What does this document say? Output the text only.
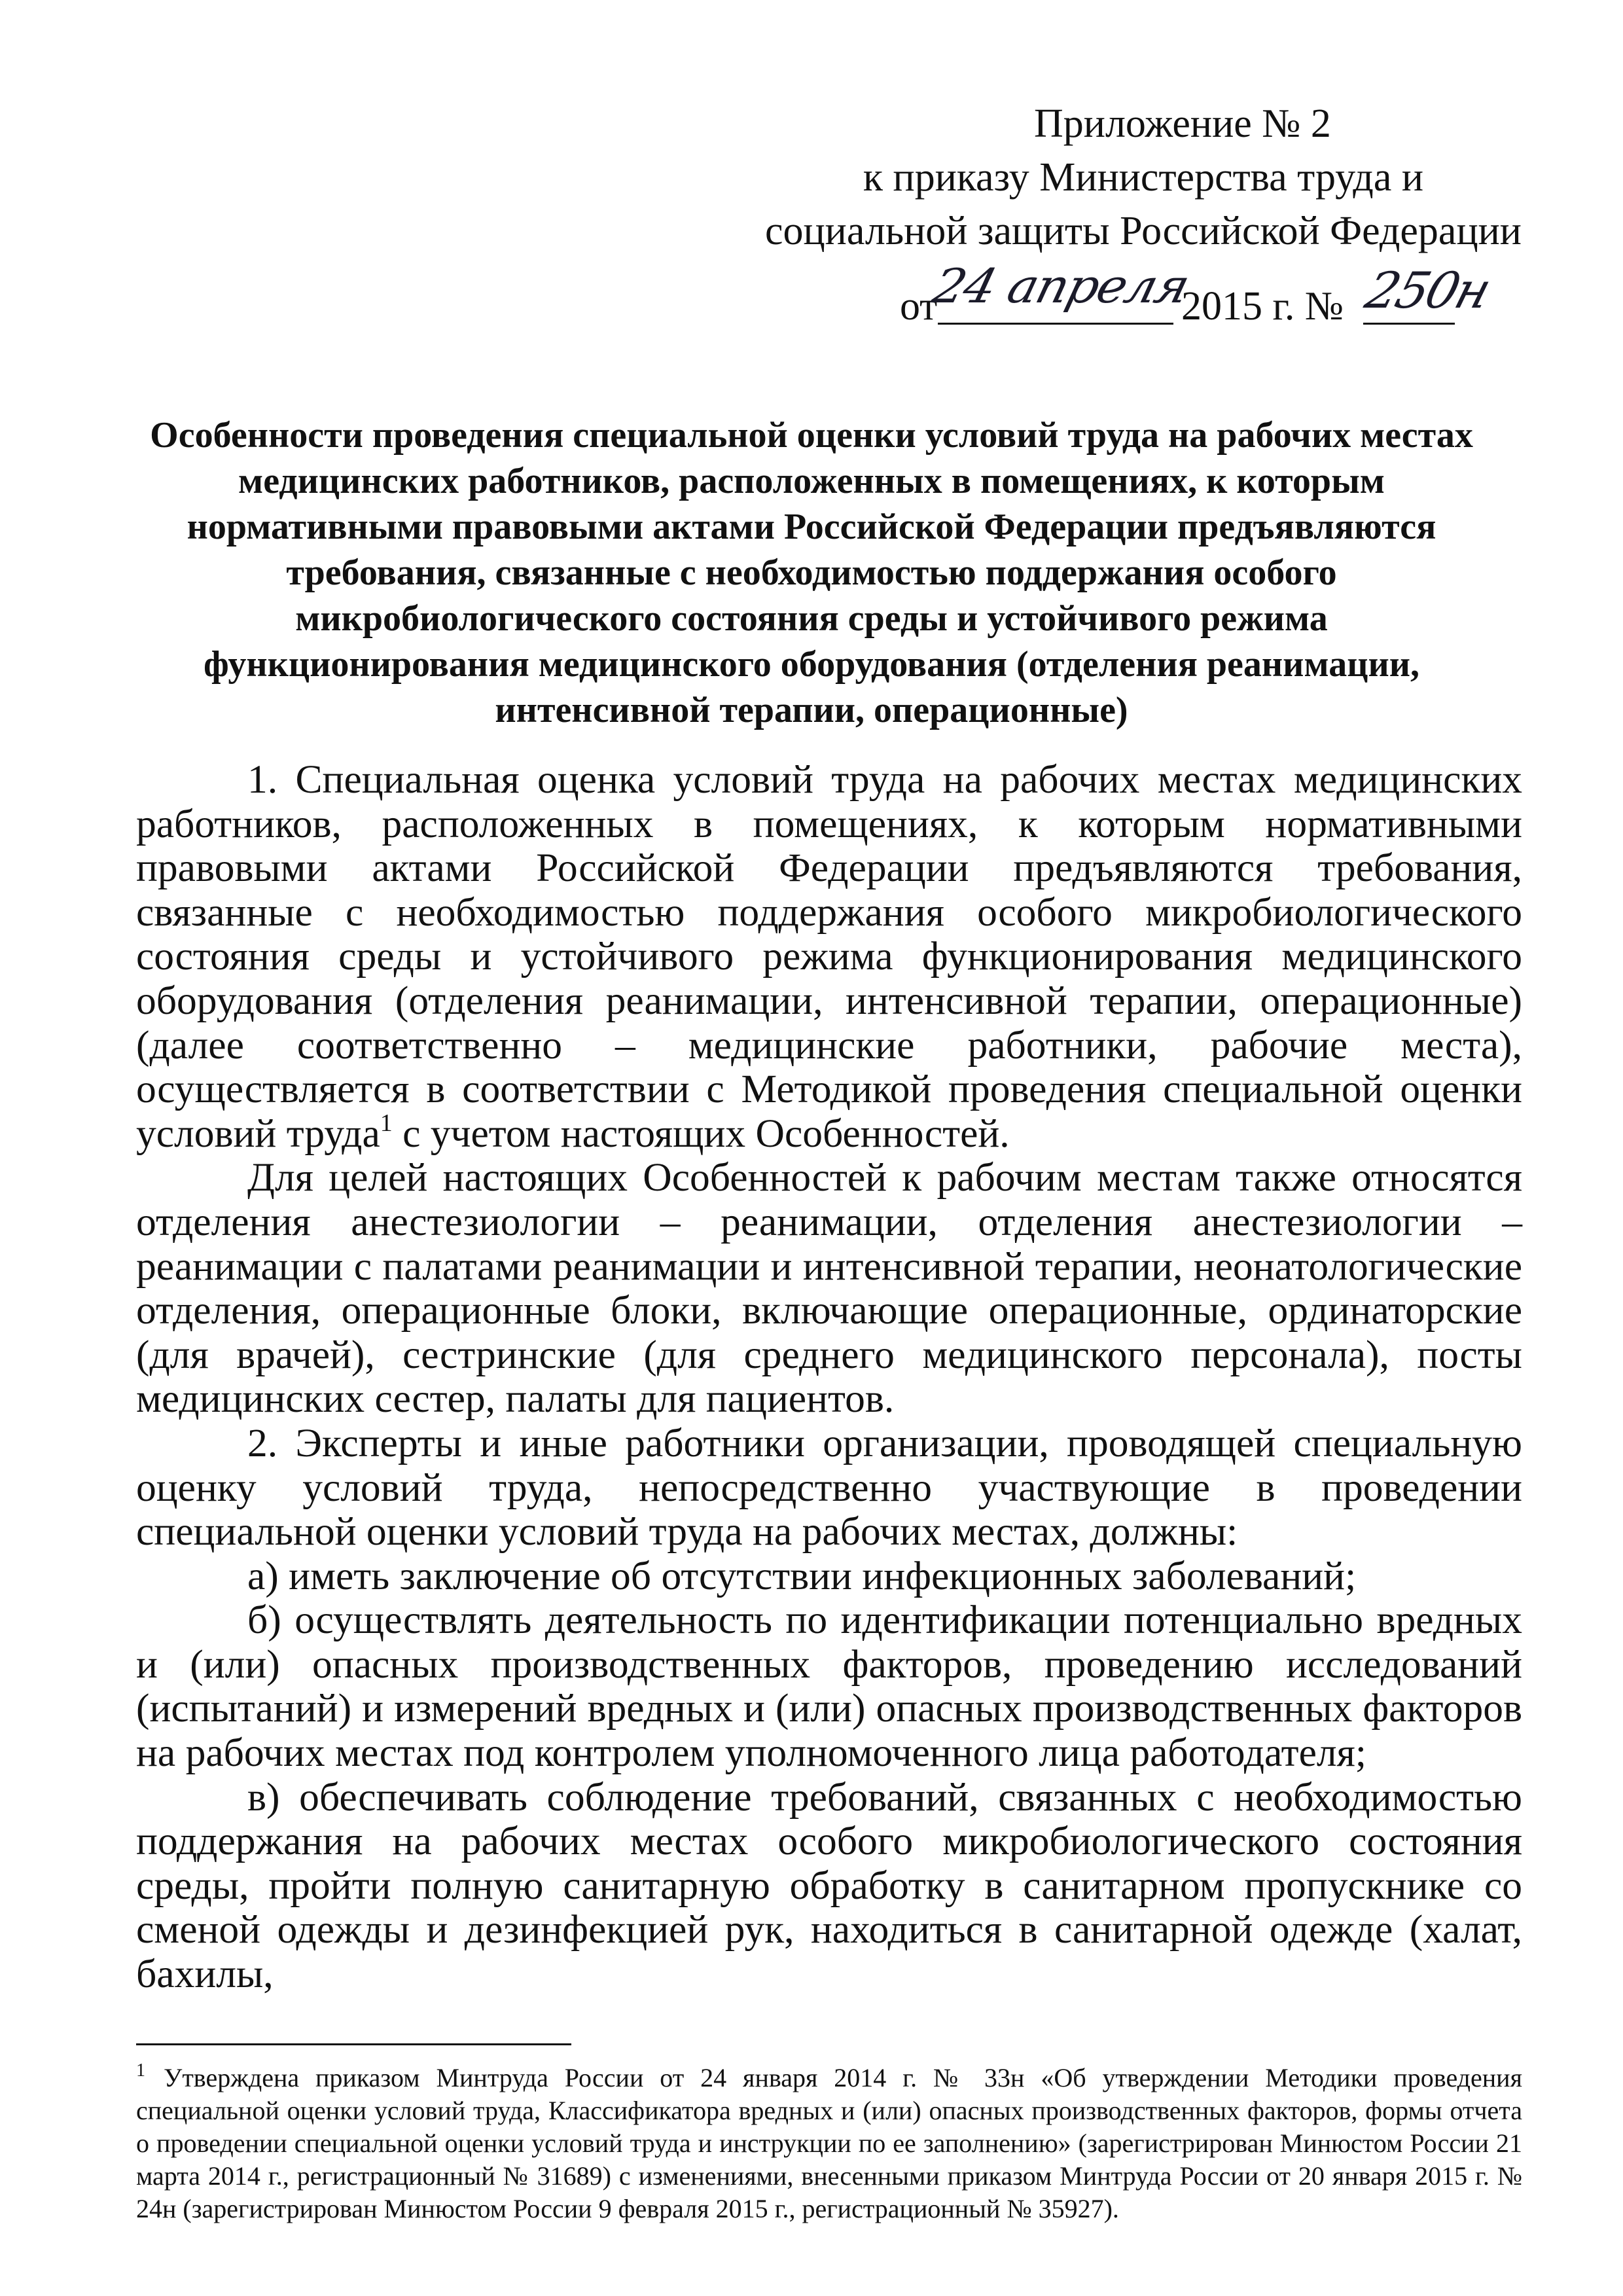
Приложение № 2
к приказу Министерства труда и
социальной защиты Российской Федерации
от
24 апреля
2015 г. № 250н
Особенности проведения специальной оценки условий труда на рабочих местах
медицинских работников, расположенных в помещениях, к которым
нормативными правовыми актами Российской Федерации предъявляются
требования, связанные с необходимостью поддержания особого
микробиологического состояния среды и устойчивого режима
функционирования медицинского оборудования (отделения реанимации,
интенсивной терапии, операционные)

1. Специальная оценка условий труда на рабочих местах медицинских работников, расположенных в помещениях, к которым нормативными правовыми актами Российской Федерации предъявляются требования, связанные с необходимостью поддержания особого микробиологического состояния среды и устойчивого режима функционирования медицинского оборудования (отделения реанимации, интенсивной терапии, операционные) (далее соответственно – медицинские работники, рабочие места), осуществляется в соответствии с Методикой проведения специальной оценки условий труда$^1$ с учетом настоящих Особенностей.

Для целей настоящих Особенностей к рабочим местам также относятся отделения анестезиологии – реанимации, отделения анестезиологии – реанимации с палатами реанимации и интенсивной терапии, неонатологические отделения, операционные блоки, включающие операционные, ординаторские (для врачей), сестринские (для среднего медицинского персонала), посты медицинских сестер, палаты для пациентов.

2. Эксперты и иные работники организации, проводящей специальную оценку условий труда, непосредственно участвующие в проведении специальной оценки условий труда на рабочих местах, должны:

а) иметь заключение об отсутствии инфекционных заболеваний;

б) осуществлять деятельность по идентификации потенциально вредных и (или) опасных производственных факторов, проведению исследований (испытаний) и измерений вредных и (или) опасных производственных факторов на рабочих местах под контролем уполномоченного лица работодателя;

в) обеспечивать соблюдение требований, связанных с необходимостью поддержания на рабочих местах особого микробиологического состояния среды, пройти полную санитарную обработку в санитарном пропускнике со сменой одежды и дезинфекцией рук, находиться в санитарной одежде (халат, бахилы,

$^1$ Утверждена приказом Минтруда России от 24 января 2014 г. № 33н «Об утверждении Методики проведения специальной оценки условий труда, Классификатора вредных и (или) опасных производственных факторов, формы отчета о проведении специальной оценки условий труда и инструкции по ее заполнению» (зарегистрирован Минюстом России 21 марта 2014 г., регистрационный № 31689) с изменениями, внесенными приказом Минтруда России от 20 января 2015 г. № 24н (зарегистрирован Минюстом России 9 февраля 2015 г., регистрационный № 35927).
